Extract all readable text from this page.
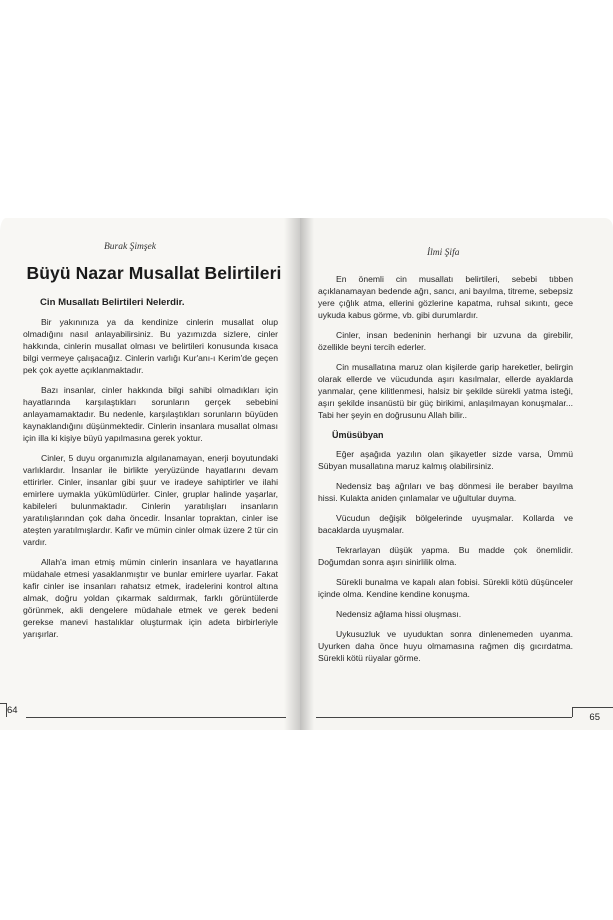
Burak Şimşek
Büyü Nazar Musallat Belirtileri
Cin Musallatı Belirtileri Nelerdir.

Bir yakınınıza ya da kendinize cinlerin musallat olup olmadığını nasıl anlayabilirsiniz. Bu yazımızda sizlere, cinler hakkında, cinlerin musallat olması ve belirtileri konusunda kısaca bilgi vermeye çalışacağız. Cinlerin varlığı Kur'anı-ı Kerim'de geçen pek çok ayette açıklanmaktadır.

Bazı insanlar, cinler hakkında bilgi sahibi olmadıkları için hayatlarında karşılaştıkları sorunların gerçek sebebini anlayamamaktadır. Bu nedenle, karşılaştıkları sorunların büyüden kaynaklandığını düşünmektedir. Cinlerin insanlara musallat olması için illa ki kişiye büyü yapılmasına gerek yoktur.

Cinler, 5 duyu organımızla algılanamayan, enerji boyutundaki varlıklardır. İnsanlar ile birlikte yeryüzünde hayatlarını devam ettirirler. Cinler, insanlar gibi şuur ve iradeye sahiptirler ve ilahi emirlere uymakla yükümlüdürler. Cinler, gruplar halinde yaşarlar, kabileleri bulunmaktadır. Cinlerin yaratılışları insanların yaratılışlarından çok daha öncedir. İnsanlar topraktan, cinler ise ateşten yaratılmışlardır. Kafir ve mümin cinler olmak üzere 2 tür cin vardır.

Allah'a iman etmiş mümin cinlerin insanlara ve hayatlarına müdahale etmesi yasaklanmıştır ve bunlar emirlere uyarlar. Fakat kafir cinler ise insanları rahatsız etmek, iradelerini kontrol altına almak, doğru yoldan çıkarmak saldırmak, farklı görüntülerde görünmek, akli dengelere müdahale etmek ve gerek bedeni gerekse manevi hastalıklar oluşturmak için adeta birbirleriyle yarışırlar.

64
İlmi Şifa

En önemli cin musallatı belirtileri, sebebi tıbben açıklanamayan bedende ağrı, sancı, ani bayılma, titreme, sebepsiz yere çığlık atma, ellerini gözlerine kapatma, ruhsal sıkıntı, gece uykuda kabus görme, vb. gibi durumlardır.

Cinler, insan bedeninin herhangi bir uzvuna da girebilir, özellikle beyni tercih ederler.

Cin musallatına maruz olan kişilerde garip hareketler, belirgin olarak ellerde ve vücudunda aşırı kasılmalar, ellerde ayaklarda yanmalar, çene kilitlenmesi, halsiz bir şekilde sürekli yatma isteği, aşırı şekilde insanüstü bir güç birikimi, anlaşılmayan konuşmalar... Tabi her şeyin en doğrusunu Allah bilir..

Ümüsübyan

Eğer aşağıda yazılın olan şikayetler sizde varsa, Ümmü Sübyan musallatına maruz kalmış olabilirsiniz.

Nedensiz baş ağrıları ve baş dönmesi ile beraber bayılma hissi. Kulakta aniden çınlamalar ve uğultular duyma.

Vücudun değişik bölgelerinde uyuşmalar. Kollarda ve bacaklarda uyuşmalar.

Tekrarlayan düşük yapma. Bu madde çok önemlidir. Doğumdan sonra aşırı sinirlilik olma.

Sürekli bunalma ve kapalı alan fobisi. Sürekli kötü düşünceler içinde olma. Kendine kendine konuşma.

Nedensiz ağlama hissi oluşması.

Uykusuzluk ve uyuduktan sonra dinlenemeden uyanma. Uyurken daha önce huyu olmamasına rağmen diş gıcırdatma. Sürekli kötü rüyalar görme.

65
